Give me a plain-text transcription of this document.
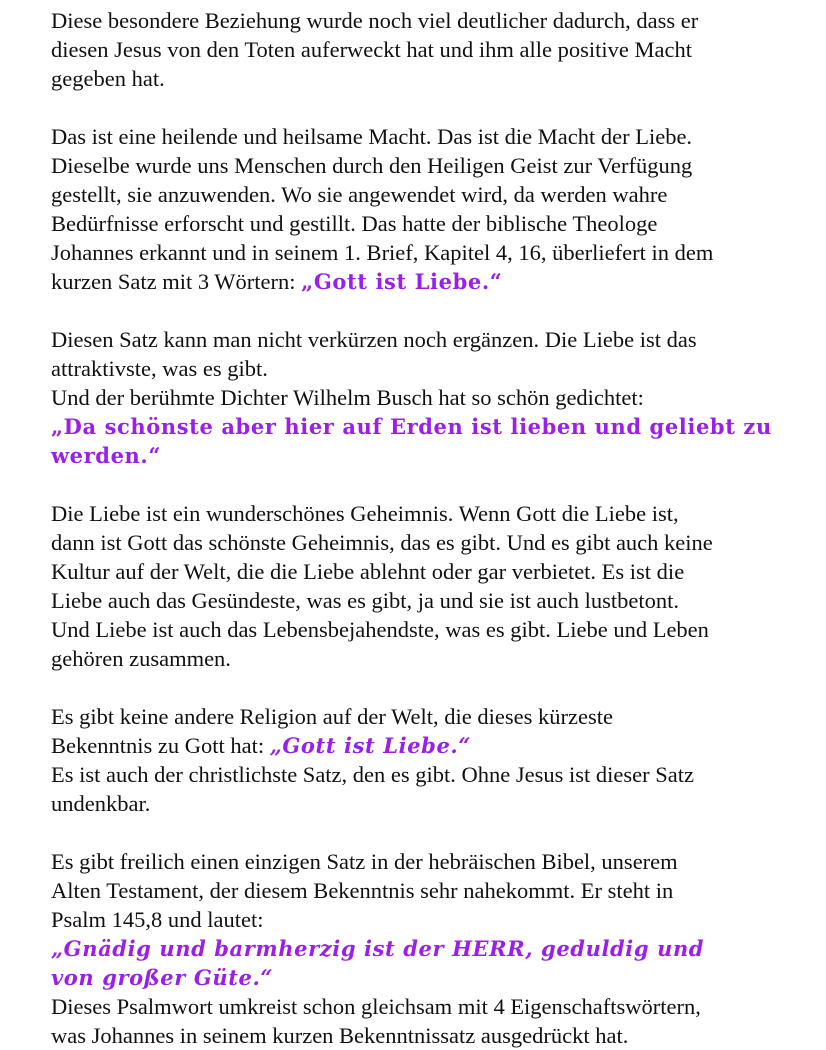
Diese besondere Beziehung wurde noch viel deutlicher dadurch, dass er
diesen Jesus von den Toten auferweckt hat und ihm alle positive Macht
gegeben hat.

Das ist eine heilende und heilsame Macht. Das ist die Macht der Liebe.
Dieselbe wurde uns Menschen durch den Heiligen Geist zur Verfügung
gestellt, sie anzuwenden. Wo sie angewendet wird, da werden wahre
Bedürfnisse erforscht und gestillt. Das hatte der biblische Theologe
Johannes erkannt und in seinem 1. Brief, Kapitel 4, 16, überliefert in dem
kurzen Satz mit 3 Wörtern: „Gott ist Liebe.“

Diesen Satz kann man nicht verkürzen noch ergänzen. Die Liebe ist das
attraktivste, was es gibt.
Und der berühmte Dichter Wilhelm Busch hat so schön gedichtet:
„Da schönste aber hier auf Erden ist lieben und geliebt zu
werden.“

Die Liebe ist ein wunderschönes Geheimnis. Wenn Gott die Liebe ist,
dann ist Gott das schönste Geheimnis, das es gibt. Und es gibt auch keine
Kultur auf der Welt, die die Liebe ablehnt oder gar verbietet. Es ist die
Liebe auch das Gesündeste, was es gibt, ja und sie ist auch lustbetont.
Und Liebe ist auch das Lebensbejahendste, was es gibt. Liebe und Leben
gehören zusammen.

Es gibt keine andere Religion auf der Welt, die dieses kürzeste
Bekenntnis zu Gott hat: „Gott ist Liebe.“
Es ist auch der christlichste Satz, den es gibt. Ohne Jesus ist dieser Satz
undenkbar.

Es gibt freilich einen einzigen Satz in der hebräischen Bibel, unserem
Alten Testament, der diesem Bekenntnis sehr nahekommt. Er steht in
Psalm 145,8 und lautet:
„Gnädig und barmherzig ist der HERR, geduldig und
von großer Güte.“
Dieses Psalmwort umkreist schon gleichsam mit 4 Eigenschaftswörtern,
was Johannes in seinem kurzen Bekenntnissatz ausgedrückt hat.
